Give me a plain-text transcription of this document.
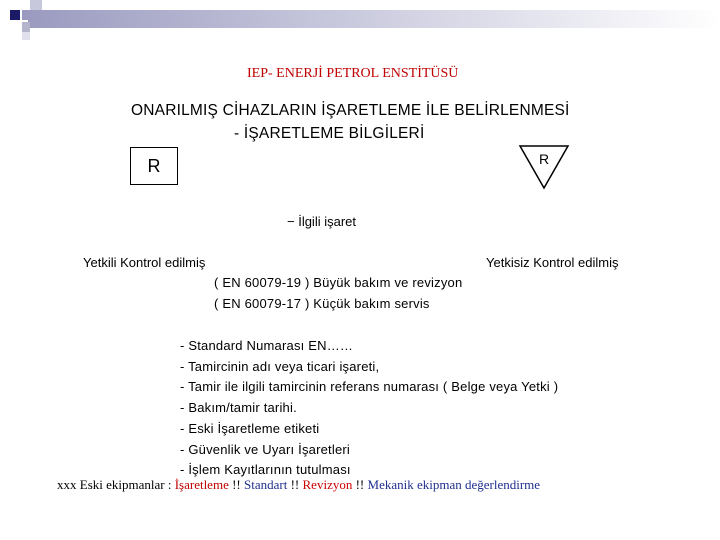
IEP- ENERJİ PETROL ENSTİTÜSÜ
ONARILMIŞ CİHAZLARIN İŞARETLEME İLE BELİRLENMESİ
- İŞARETLEME BİLGİLERİ
R	R
− İlgili işaret
Yetkili Kontrol edilmiş	Yetkisiz Kontrol edilmiş
( EN 60079-19 ) Büyük bakım ve revizyon
( EN 60079-17 ) Küçük bakım servis
- Standard Numarası EN……
- Tamircinin adı veya ticari işareti,
- Tamir ile ilgili tamircinin referans numarası ( Belge veya Yetki )
- Bakım/tamir tarihi.
- Eski İşaretleme etiketi
- Güvenlik ve Uyarı İşaretleri
- İşlem Kayıtlarının tutulması
xxx Eski ekipmanlar : İşaretleme !! Standart !! Revizyon !! Mekanik ekipman değerlendirme
